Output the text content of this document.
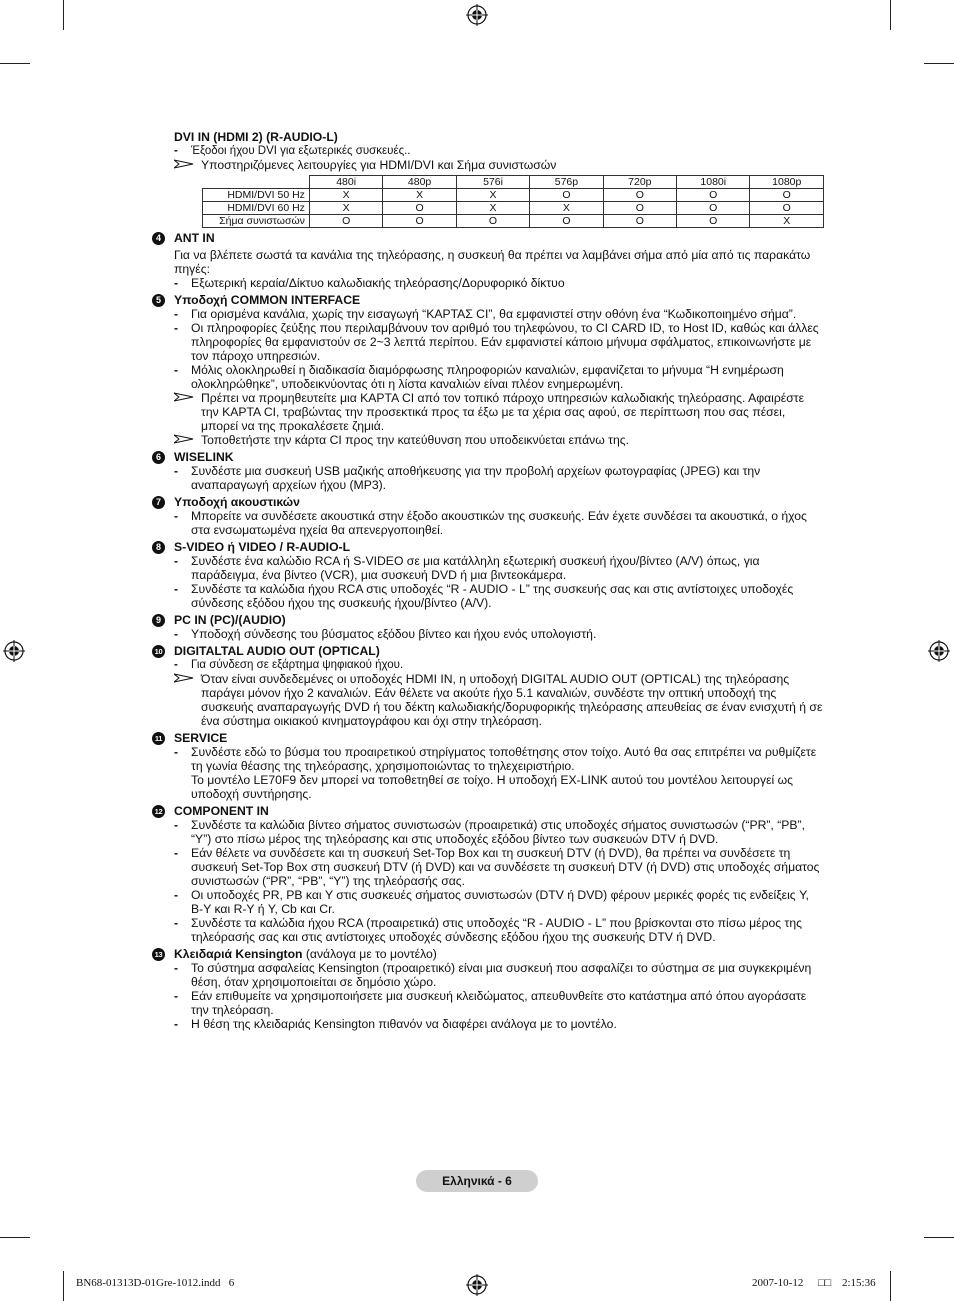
DVI IN (HDMI 2) (R-AUDIO-L)
- Έξοδοι ήχου DVI για εξωτερικές συσκευές..
Υποστηριζόμενες λειτουργίες για HDMI/DVI και Σήμα συνιστωσών
	480i	480p	576i	576p	720p	1080i	1080p
HDMI/DVI 50 Hz	X	X	X	O	O	O	O
HDMI/DVI 60 Hz	X	O	X	X	O	O	O
Σήμα συνιστωσών	O	O	O	O	O	O	X
4	ANT IN
Για να βλέπετε σωστά τα κανάλια της τηλεόρασης, η συσκευή θα πρέπει να λαμβάνει σήμα από μία από τις παρακάτω πηγές:
- Εξωτερική κεραία/Δίκτυο καλωδιακής τηλεόρασης/Δορυφορικό δίκτυο
5	Υποδοχή COMMON INTERFACE
- Για ορισμένα κανάλια, χωρίς την εισαγωγή “ΚΑΡΤΑΣ CI”, θα εμφανιστεί στην οθόνη ένα “Κωδικοποιημένο σήμα”.
- Οι πληροφορίες ζεύξης που περιλαμβάνουν τον αριθμό του τηλεφώνου, το CI CARD ID, το Host ID, καθώς και άλλες πληροφορίες θα εμφανιστούν σε 2~3 λεπτά περίπου. Εάν εμφανιστεί κάποιο μήνυμα σφάλματος, επικοινωνήστε με τον πάροχο υπηρεσιών.
- Μόλις ολοκληρωθεί η διαδικασία διαμόρφωσης πληροφοριών καναλιών, εμφανίζεται το μήνυμα “Η ενημέρωση ολοκληρώθηκε”, υποδεικνύοντας ότι η λίστα καναλιών είναι πλέον ενημερωμένη.
Πρέπει να προμηθευτείτε μια ΚΑΡΤΑ CI από τον τοπικό πάροχο υπηρεσιών καλωδιακής τηλεόρασης. Αφαιρέστε την ΚΑΡΤΑ CI, τραβώντας την προσεκτικά προς τα έξω με τα χέρια σας αφού, σε περίπτωση που σας πέσει, μπορεί να της προκαλέσετε ζημιά.
Τοποθετήστε την κάρτα CI προς την κατεύθυνση που υποδεικνύεται επάνω της.
6	WISELINK
- Συνδέστε μια συσκευή USB μαζικής αποθήκευσης για την προβολή αρχείων φωτογραφίας (JPEG) και την αναπαραγωγή αρχείων ήχου (MP3).
7	Υποδοχή ακουστικών
- Μπορείτε να συνδέσετε ακουστικά στην έξοδο ακουστικών της συσκευής. Εάν έχετε συνδέσει τα ακουστικά, ο ήχος στα ενσωματωμένα ηχεία θα απενεργοποιηθεί.
8	S-VIDEO ή VIDEO / R-AUDIO-L
- Συνδέστε ένα καλώδιο RCA ή S-VIDEO σε μια κατάλληλη εξωτερική συσκευή ήχου/βίντεο (A/V) όπως, για παράδειγμα, ένα βίντεο (VCR), μια συσκευή DVD ή μια βιντεοκάμερα.
- Συνδέστε τα καλώδια ήχου RCA στις υποδοχές “R - AUDIO - L” της συσκευής σας και στις αντίστοιχες υποδοχές σύνδεσης εξόδου ήχου της συσκευής ήχου/βίντεο (A/V).
9	PC IN (PC)/(AUDIO)
- Υποδοχή σύνδεσης του βύσματος εξόδου βίντεο και ήχου ενός υπολογιστή.
10 DIGITALTAL AUDIO OUT (OPTICAL)
- Για σύνδεση σε εξάρτημα ψηφιακού ήχου.
Όταν είναι συνδεδεμένες οι υποδοχές HDMI IN, η υποδοχή DIGITAL AUDIO OUT (OPTICAL) της τηλεόρασης παράγει μόνον ήχο 2 καναλιών. Εάν θέλετε να ακούτε ήχο 5.1 καναλιών, συνδέστε την οπτική υποδοχή της συσκευής αναπαραγωγής DVD ή του δέκτη καλωδιακής/δορυφορικής τηλεόρασης απευθείας σε έναν ενισχυτή ή σε ένα σύστημα οικιακού κινηματογράφου και όχι στην τηλεόραση.
11 SERVICE
- Συνδέστε εδώ το βύσμα του προαιρετικού στηρίγματος τοποθέτησης στον τοίχο. Αυτό θα σας επιτρέπει να ρυθμίζετε τη γωνία θέασης της τηλεόρασης, χρησιμοποιώντας το τηλεχειριστήριο.
Το μοντέλο LE70F9 δεν μπορεί να τοποθετηθεί σε τοίχο. Η υποδοχή EX-LINK αυτού του μοντέλου λειτουργεί ως υποδοχή συντήρησης.
12 COMPONENT IN
- Συνδέστε τα καλώδια βίντεο σήματος συνιστωσών (προαιρετικά) στις υποδοχές σήματος συνιστωσών (“PR”, “PB”, “Y”) στο πίσω μέρος της τηλεόρασης και στις υποδοχές εξόδου βίντεο των συσκευών DTV ή DVD.
- Εάν θέλετε να συνδέσετε και τη συσκευή Set-Top Box και τη συσκευή DTV (ή DVD), θα πρέπει να συνδέσετε τη συσκευή Set-Top Box στη συσκευή DTV (ή DVD) και να συνδέσετε τη συσκευή DTV (ή DVD) στις υποδοχές σήματος συνιστωσών (“PR”, “PB”, “Y”) της τηλεόρασής σας.
- Οι υποδοχές PR, PB και Y στις συσκευές σήματος συνιστωσών (DTV ή DVD) φέρουν μερικές φορές τις ενδείξεις Y, B-Y και R-Y ή Y, Cb και Cr.
- Συνδέστε τα καλώδια ήχου RCA (προαιρετικά) στις υποδοχές “R - AUDIO - L” που βρίσκονται στο πίσω μέρος της τηλεόρασής σας και στις αντίστοιχες υποδοχές σύνδεσης εξόδου ήχου της συσκευής DTV ή DVD.
13 Κλειδαριά Kensington (ανάλογα με το μοντέλο)
- Το σύστημα ασφαλείας Kensington (προαιρετικό) είναι μια συσκευή που ασφαλίζει το σύστημα σε μια συγκεκριμένη θέση, όταν χρησιμοποιείται σε δημόσιο χώρο.
- Εάν επιθυμείτε να χρησιμοποιήσετε μια συσκευή κλειδώματος, απευθυνθείτε στο κατάστημα από όπου αγοράσατε την τηλεόραση.
- Η θέση της κλειδαριάς Kensington πιθανόν να διαφέρει ανάλογα με το μοντέλο.
Ελληνικά - 6
BN68-01313D-01Gre-1012.indd   6	2007-10-12 □□ 2:15:36
